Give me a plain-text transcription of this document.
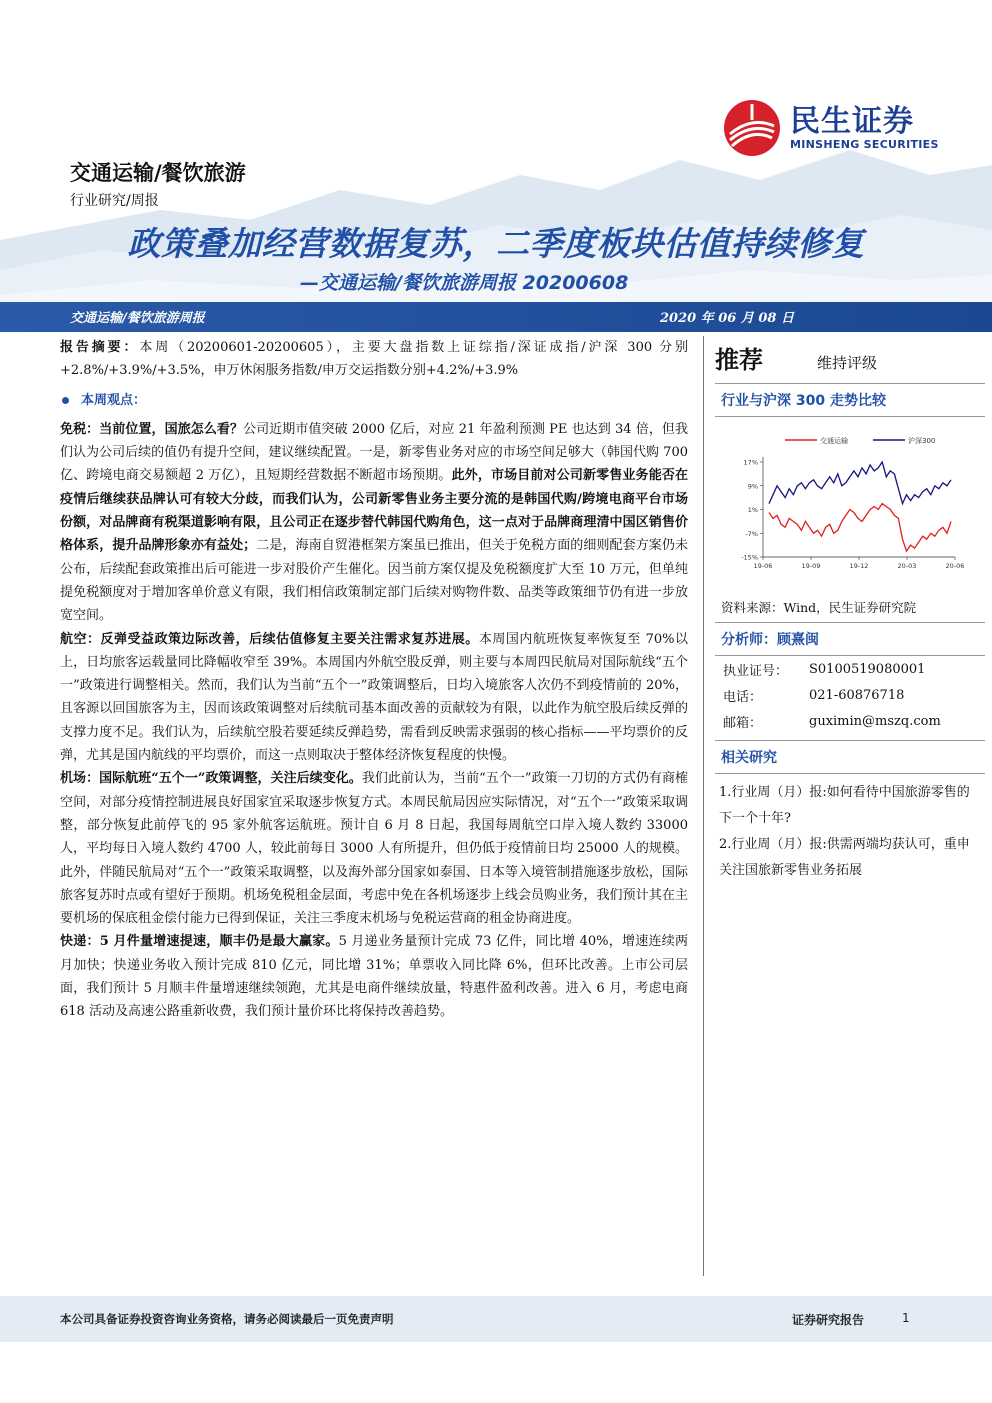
民生证券
MINSHENG SECURITIES
交通运输/餐饮旅游
行业研究/周报
政策叠加经营数据复苏，二季度板块估值持续修复
—交通运输/餐饮旅游周报 20200608
交通运输/餐饮旅游周报	2020 年 06 月 08 日

报告摘要：本周（20200601-20200605），主要大盘指数上证综指/深证成指/沪深 300 分别+2.8%/+3.9%/+3.5%，申万休闲服务指数/申万交运指数分别+4.2%/+3.9%

本周观点：

免税：当前位置，国旅怎么看？公司近期市值突破 2000 亿后，对应 21 年盈利预测 PE 也达到 34 倍，但我们认为公司后续的值仍有提升空间，建议继续配置。一是，新零售业务对应的市场空间足够大（韩国代购 700 亿、跨境电商交易额超 2 万亿），且短期经营数据不断超市场预期。此外，市场目前对公司新零售业务能否在疫情后继续获品牌认可有较大分歧，而我们认为，公司新零售业务主要分流的是韩国代购/跨境电商平台市场份额，对品牌商有税渠道影响有限，且公司正在逐步替代韩国代购角色，这一点对于品牌商理清中国区销售价格体系，提升品牌形象亦有益处；二是，海南自贸港框架方案虽已推出，但关于免税方面的细则配套方案仍未公布，后续配套政策推出后可能进一步对股价产生催化。因当前方案仅提及免税额度扩大至 10 万元，但单纯提免税额度对于增加客单价意义有限，我们相信政策制定部门后续对购物件数、品类等政策细节仍有进一步放宽空间。

航空：反弹受益政策边际改善，后续估值修复主要关注需求复苏进展。本周国内航班恢复率恢复至 70%以上，日均旅客运载量同比降幅收窄至 39%。本周国内外航空股反弹，则主要与本周四民航局对国际航线“五个一”政策进行调整相关。然而，我们认为当前“五个一”政策调整后，日均入境旅客人次仍不到疫情前的 20%，且客源以回国旅客为主，因而该政策调整对后续航司基本面改善的贡献较为有限，以此作为航空股后续反弹的支撑力度不足。我们认为，后续航空股若要延续反弹趋势，需看到反映需求强弱的核心指标——平均票价的反弹，尤其是国内航线的平均票价，而这一点则取决于整体经济恢复程度的快慢。

机场：国际航班“五个一”政策调整，关注后续变化。我们此前认为，当前“五个一”政策一刀切的方式仍有商榷空间，对部分疫情控制进展良好国家宜采取逐步恢复方式。本周民航局因应实际情况，对“五个一”政策采取调整，部分恢复此前停飞的 95 家外航客运航班。预计自 6 月 8 日起，我国每周航空口岸入境人数约 33000 人，平均每日入境人数约 4700 人，较此前每日 3000 人有所提升，但仍低于疫情前日均 25000 人的规模。此外，伴随民航局对“五个一”政策采取调整，以及海外部分国家如泰国、日本等入境管制措施逐步放松，国际旅客复苏时点或有望好于预期。机场免税租金层面，考虑中免在各机场逐步上线会员购业务，我们预计其在主要机场的保底租金偿付能力已得到保证，关注三季度末机场与免税运营商的租金协商进度。

快递：5 月件量增速提速，顺丰仍是最大赢家。5 月递业务量预计完成 73 亿件，同比增 40%，增速连续两月加快；快递业务收入预计完成 810 亿元，同比增 31%；单票收入同比降 6%，但环比改善。上市公司层面，我们预计 5 月顺丰件量增速继续领跑，尤其是电商件继续放量，特惠件盈利改善。进入 6 月，考虑电商 618 活动及高速公路重新收费，我们预计量价环比将保持改善趋势。

推荐	维持评级
行业与沪深 300 走势比较
交通运输	沪深300
17%
9%
1%
-7%
-15%
19-06	19-09	19-12	20-03	20-06
资料来源：Wind，民生证券研究院
分析师：顾熹闽
执业证号：	S0100519080001
电话：	021-60876718
邮箱：	guximin@mszq.com
相关研究
1.行业周（月）报:如何看待中国旅游零售的下一个十年?
2.行业周（月）报:供需两端均获认可，重申关注国旅新零售业务拓展
本公司具备证券投资咨询业务资格，请务必阅读最后一页免责声明	证券研究报告	1
